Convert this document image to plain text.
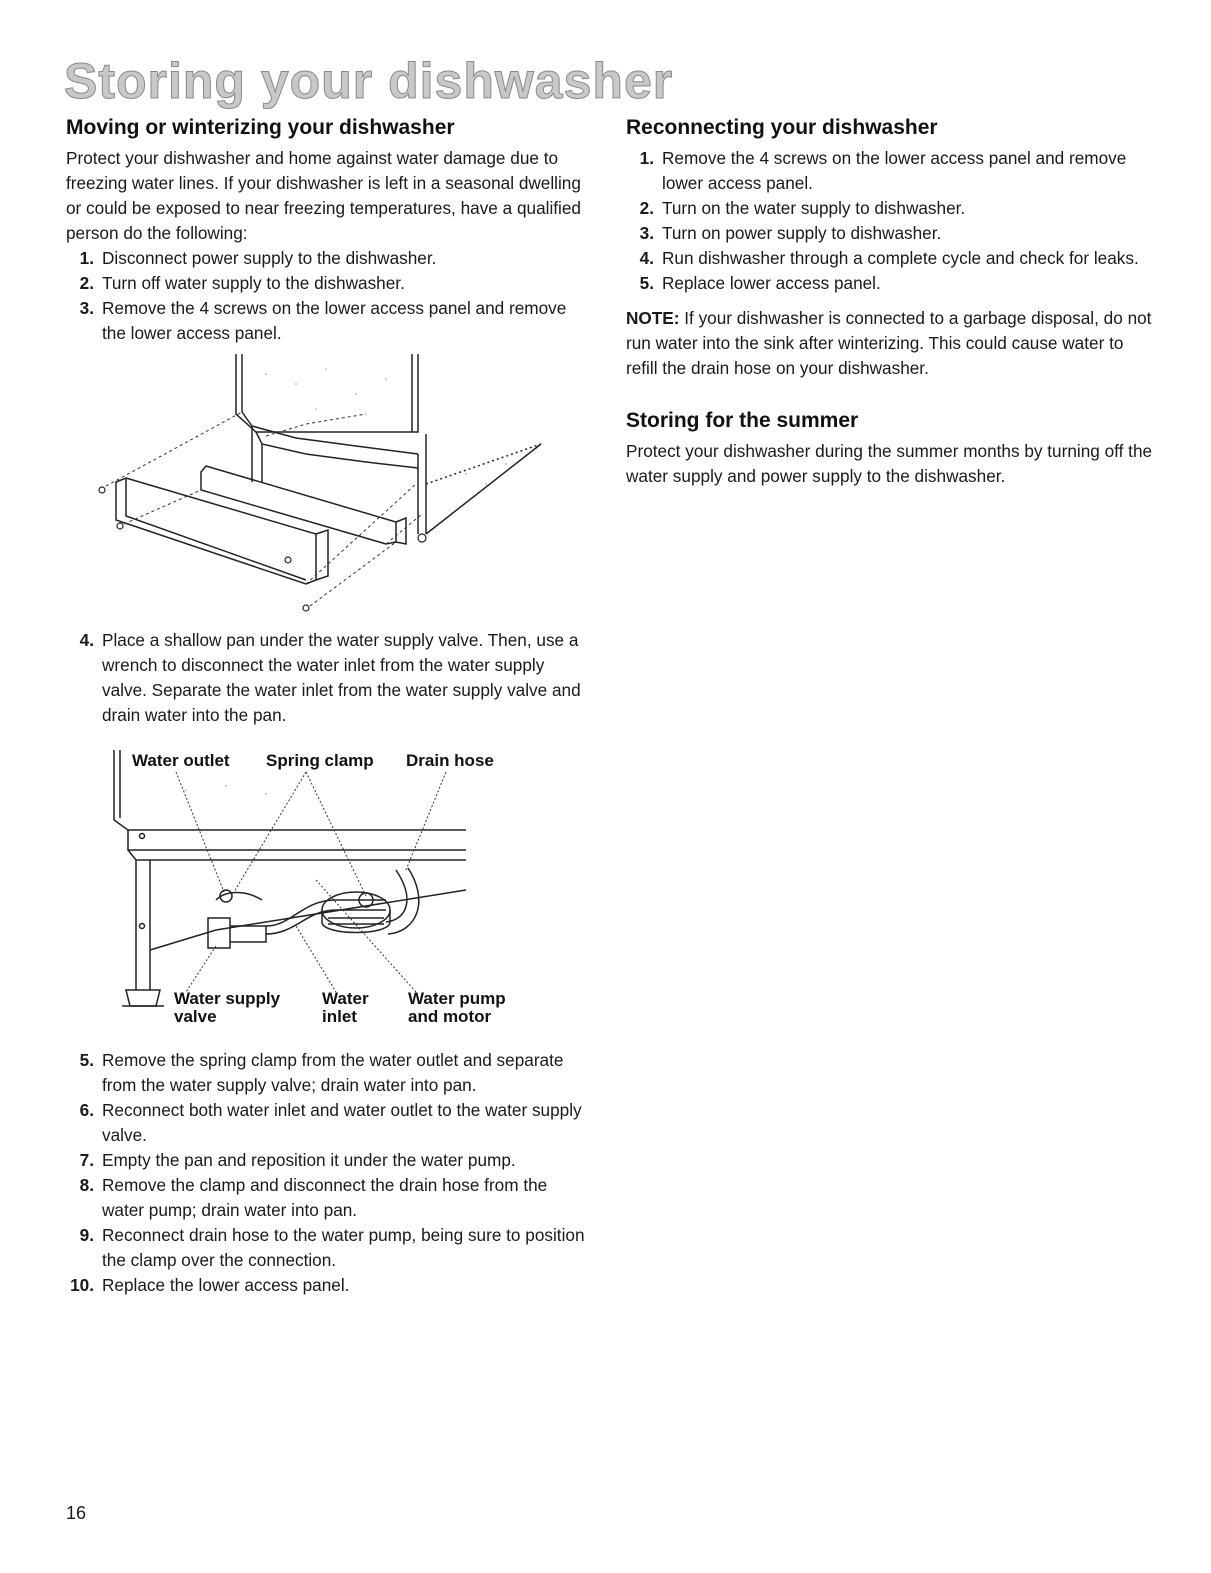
Storing your dishwasher
Moving or winterizing your dishwasher

Protect your dishwasher and home against water damage due to freezing water lines. If your dishwasher is left in a seasonal dwelling or could be exposed to near freezing temperatures, have a qualified person do the following:

1. Disconnect power supply to the dishwasher.
2. Turn off water supply to the dishwasher.
3. Remove the 4 screws on the lower access panel and remove the lower access panel.
4. Place a shallow pan under the water supply valve. Then, use a wrench to disconnect the water inlet from the water supply valve. Separate the water inlet from the water supply valve and drain water into the pan.
Water outlet Spring clamp Drain hose
Water supply valve
Water inlet
Water pump and motor
5. Remove the spring clamp from the water outlet and separate from the water supply valve; drain water into pan.
6. Reconnect both water inlet and water outlet to the water supply valve.
7. Empty the pan and reposition it under the water pump.
8. Remove the clamp and disconnect the drain hose from the water pump; drain water into pan.
9. Reconnect drain hose to the water pump, being sure to position the clamp over the connection.
10. Replace the lower access panel.
Reconnecting your dishwasher
1. Remove the 4 screws on the lower access panel and remove lower access panel.
2. Turn on the water supply to dishwasher.
3. Turn on power supply to dishwasher.
4. Run dishwasher through a complete cycle and check for leaks.
5. Replace lower access panel.

NOTE: If your dishwasher is connected to a garbage disposal, do not run water into the sink after winterizing. This could cause water to refill the drain hose on your dishwasher.

Storing for the summer

Protect your dishwasher during the summer months by turning off the water supply and power supply to the dishwasher.

16
